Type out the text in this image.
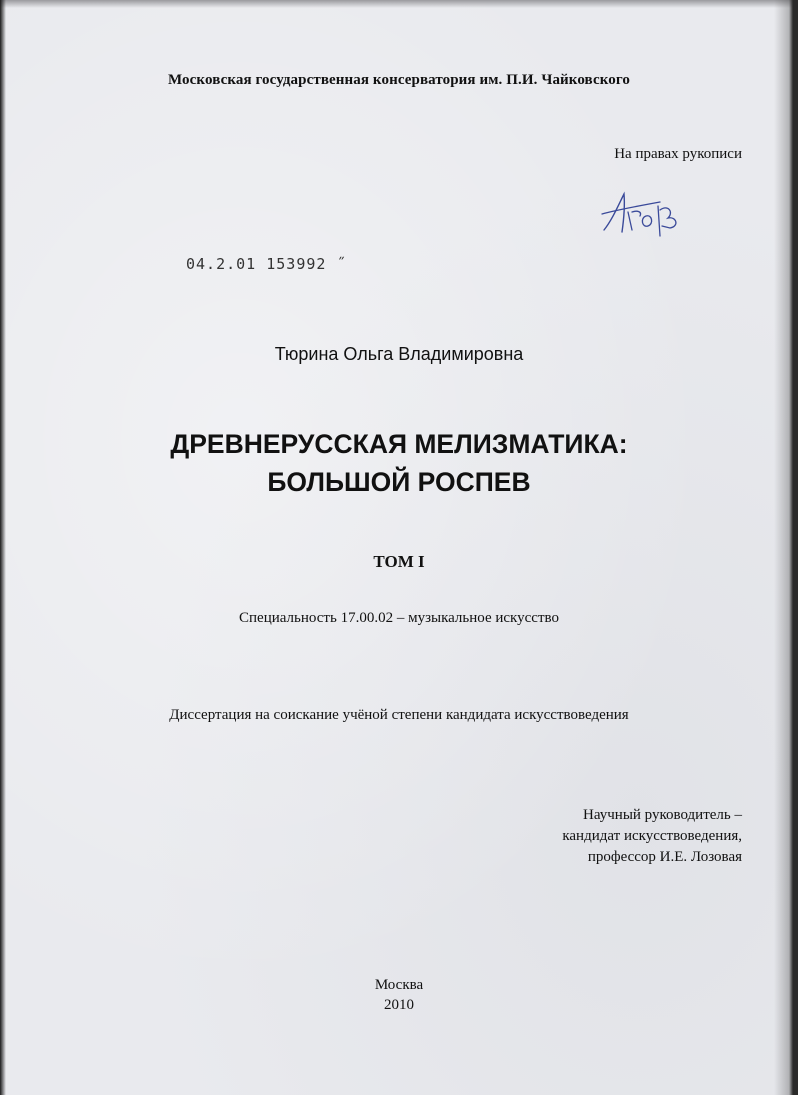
Московская государственная консерватория им. П.И. Чайковского
На правах рукописи
04.2.01 153992 ˝
Тюрина Ольга Владимировна
ДРЕВНЕРУССКАЯ МЕЛИЗМАТИКА:
БОЛЬШОЙ РОСПЕВ
ТОМ I
Специальность 17.00.02 – музыкальное искусство
Диссертация на соискание учёной степени кандидата искусствоведения
Научный руководитель –
кандидат искусствоведения,
профессор И.Е. Лозовая
Москва
2010
